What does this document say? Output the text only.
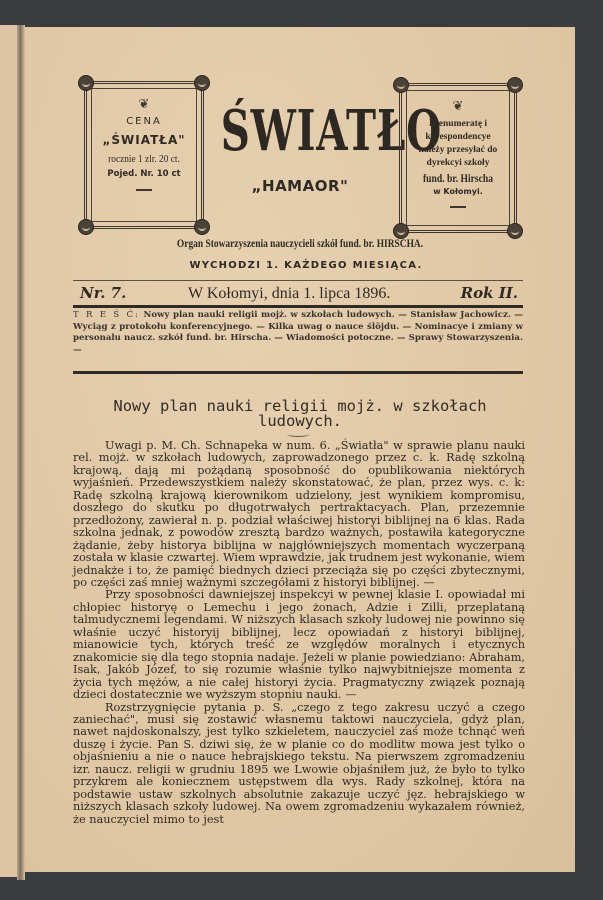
❦
CENA
„ŚWIATŁA"
rocznie 1 zlr. 20 ct.
Pojed. Nr. 10 ct
ŚWIATŁO
„HAMAOR"
❦
Prenumeratę i korespondencye należy przesyłać do dyrekcyi szkoły
fund. br. Hirscha
w Kołomyi.
Organ Stowarzyszenia nauczycieli szkół fund. br. HIRSCHA.
WYCHODZI 1. KAŻDEGO MIESIĄCA.
Nr. 7.	W Kołomyi, dnia 1. lipca 1896.	Rok II.
T R E Ś Ć: Nowy plan nauki religii mojż. w szkołach ludowych. — Stanisław Jachowicz. — Wyciąg z protokołu konferencyjnego. — Kilka uwag o nauce ślöjdu. — Nominacye i zmiany w personalu naucz. szkół fund. br. Hirscha. — Wiadomości potoczne. — Sprawy Stowarzyszenia. —
Nowy plan nauki religii mojż. w szkołach ludowych.

Uwagi p. M. Ch. Schnapeka w num. 6. „Światła" w sprawie planu nauki rel. mojż. w szkołach ludowych, zaprowadzonego przez c. k. Radę szkolną krajową, dają mi pożądaną sposobność do opublikowania niektórych wyjaśnień. Przedewszystkiem należy skonstatować, że plan, przez wys. c. k: Radę szkolną krajową kierownikom udzielony, jest wynikiem kompromisu, doszłego do skutku po długotrwałych pertraktacyach. Plan, przezemnie przedłożony, zawierał n. p. podział właściwej historyi biblijnej na 6 klas. Rada szkolna jednak, z powodów zresztą bardzo ważnych, postawiła kategoryczne żądanie, żeby historya biblijna w najgłówniejszych momentach wyczerpaną została w klasie czwartej. Wiem wprawdzie, jak trudnem jest wykonanie, wiem jednakże i to, że pamięć biednych dzieci przeciąża się po części zbytecznymi, po części zaś mniej ważnymi szczegółami z historyi biblijnej. —

Przy sposobności dawniejszej inspekcyi w pewnej klasie I. opowiadał mi chłopiec historyę o Lemechu i jego żonach, Adzie i Zilli, przeplataną talmudycznemi legendami. W niższych klasach szkoły ludowej nie powinno się właśnie uczyć historyij biblijnej, lecz opowiadań z historyi biblijnej, mianowicie tych, których treść ze względów moralnych i etycznych znakomicie się dla tego stopnia nadaje. Jeżeli w planie powiedziano: Abraham, Isak, Jakób Józef, to się rozumie właśnie tylko najwybitniejsze momenta z życia tych mężów, a nie całej historyi życia. Pragmatyczny związek poznają dzieci dostatecznie we wyższym stopniu nauki. —

Rozstrzygnięcie pytania p. S. „czego z tego zakresu uczyć a czego zaniechać", musi się zostawić własnemu taktowi nauczyciela, gdyż plan, nawet najdoskonalszy, jest tylko szkieletem, nauczyciel zaś może tchnąć weń duszę i życie. Pan S. dziwi się, że w planie co do modlitw mowa jest tylko o objaśnieniu a nie o nauce hebrajskiego tekstu. Na pierwszem zgromadzeniu izr. naucz. religii w grudniu 1895 we Lwowie objaśniłem już, że było to tylko przykrem ale koniecznem ustępstwem dla wys. Rady szkolnej, która na podstawie ustaw szkolnych absolutnie zakazuje uczyć jęz. hebrajskiego w niższych klasach szkoły ludowej. Na owem zgromadzeniu wykazałem również, że nauczyciel mimo to jest
